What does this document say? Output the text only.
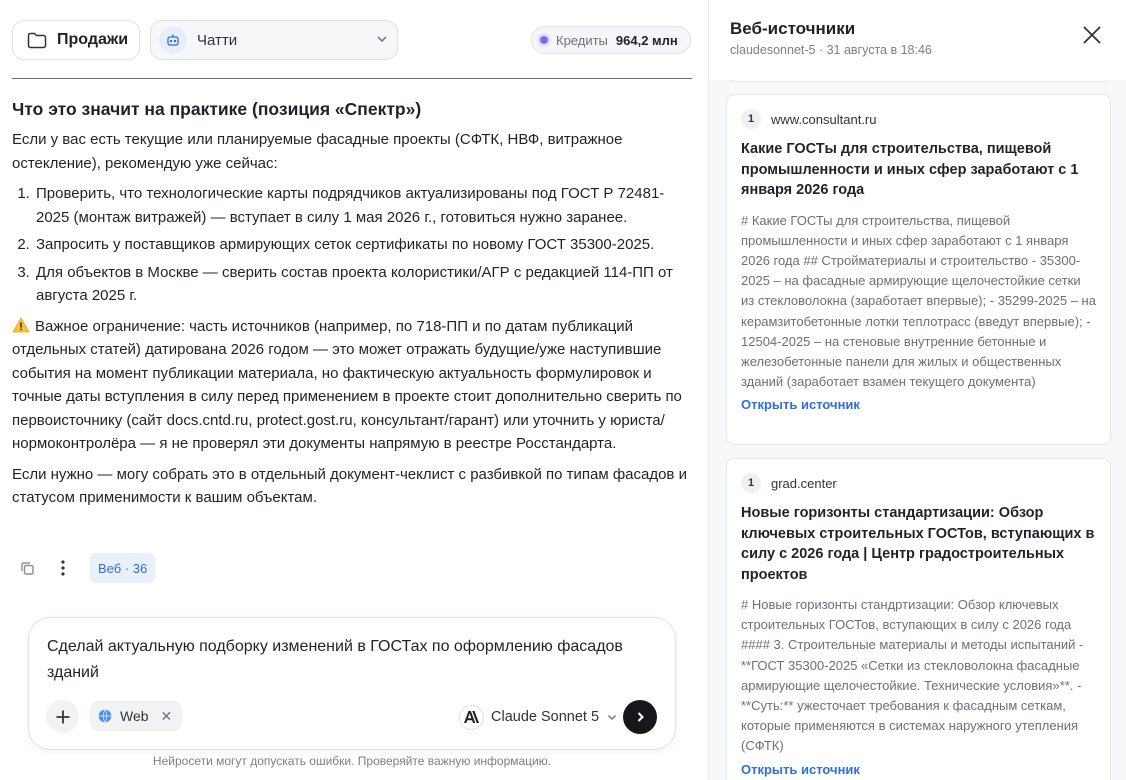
Продажи	Чатти	Кредиты 964,2 млн
Что это значит на практике (позиция «Спектр»)

Если у вас есть текущие или планируемые фасадные проекты (СФТК, НВФ, витражное остекление), рекомендую уже сейчас:

1. Проверить, что технологические карты подрядчиков актуализированы под ГОСТ Р 72481-2025 (монтаж витражей) — вступает в силу 1 мая 2026 г., готовиться нужно заранее.
2. Запросить у поставщиков армирующих сеток сертификаты по новому ГОСТ 35300-2025.
3. Для объектов в Москве — сверить состав проекта колористики/АГР с редакцией 114-ПП от августа 2025 г.

Важное ограничение: часть источников (например, по 718-ПП и по датам публикаций отдельных статей) датирована 2026 годом — это может отражать будущие/уже наступившие события на момент публикации материала, но фактическую актуальность формулировок и точные даты вступления в силу перед применением в проекте стоит дополнительно сверить по первоисточнику (сайт docs.cntd.ru, protect.gost.ru, консультант/гарант) или уточнить у юриста/нормоконтролёра — я не проверял эти документы напрямую в реестре Росстандарта.

Если нужно — могу собрать это в отдельный документ-чеклист с разбивкой по типам фасадов и статусом применимости к вашим объектам.

Веб · 36
Сделай актуальную подборку изменений в ГОСТах по оформлению фасадов зданий
Web ✕	Claude Sonnet 5
Нейросети могут допускать ошибки. Проверяйте важную информацию.
1	www.consultant.ru
Какие ГОСТы для строительства, пищевой промышленности и иных сфер заработают с 1 января 2026 года
# Какие ГОСТы для строительства, пищевой промышленности и иных сфер заработают с 1 января 2026 года ## Стройматериалы и строительство - 35300-2025 – на фасадные армирующие щелочестойкие сетки из стекловолокна (заработает впервые); - 35299-2025 – на керамзитобетонные лотки теплотрасс (введут впервые); - 12504-2025 – на стеновые внутренние бетонные и железобетонные панели для жилых и общественных зданий (заработает взамен текущего документа)
Открыть источник
1	grad.center
Новые горизонты стандартизации: Обзор ключевых строительных ГОСТов, вступающих в силу с 2026 года | Центр градостроительных проектов
# Новые горизонты стандртизации: Обзор ключевых строительных ГОСТов, вступающих в силу с 2026 года #### 3. Строительные материалы и методы испытаний - **ГОСТ 35300-2025 «Сетки из стекловолокна фасадные армирующие щелочестойкие. Технические условия»**. - **Суть:** ужесточает требования к фасадным сеткам, которые применяются в системах наружного утепления (СФТК)
Открыть источник
Веб-источники
claudesonnet-5 · 31 августа в 18:46
